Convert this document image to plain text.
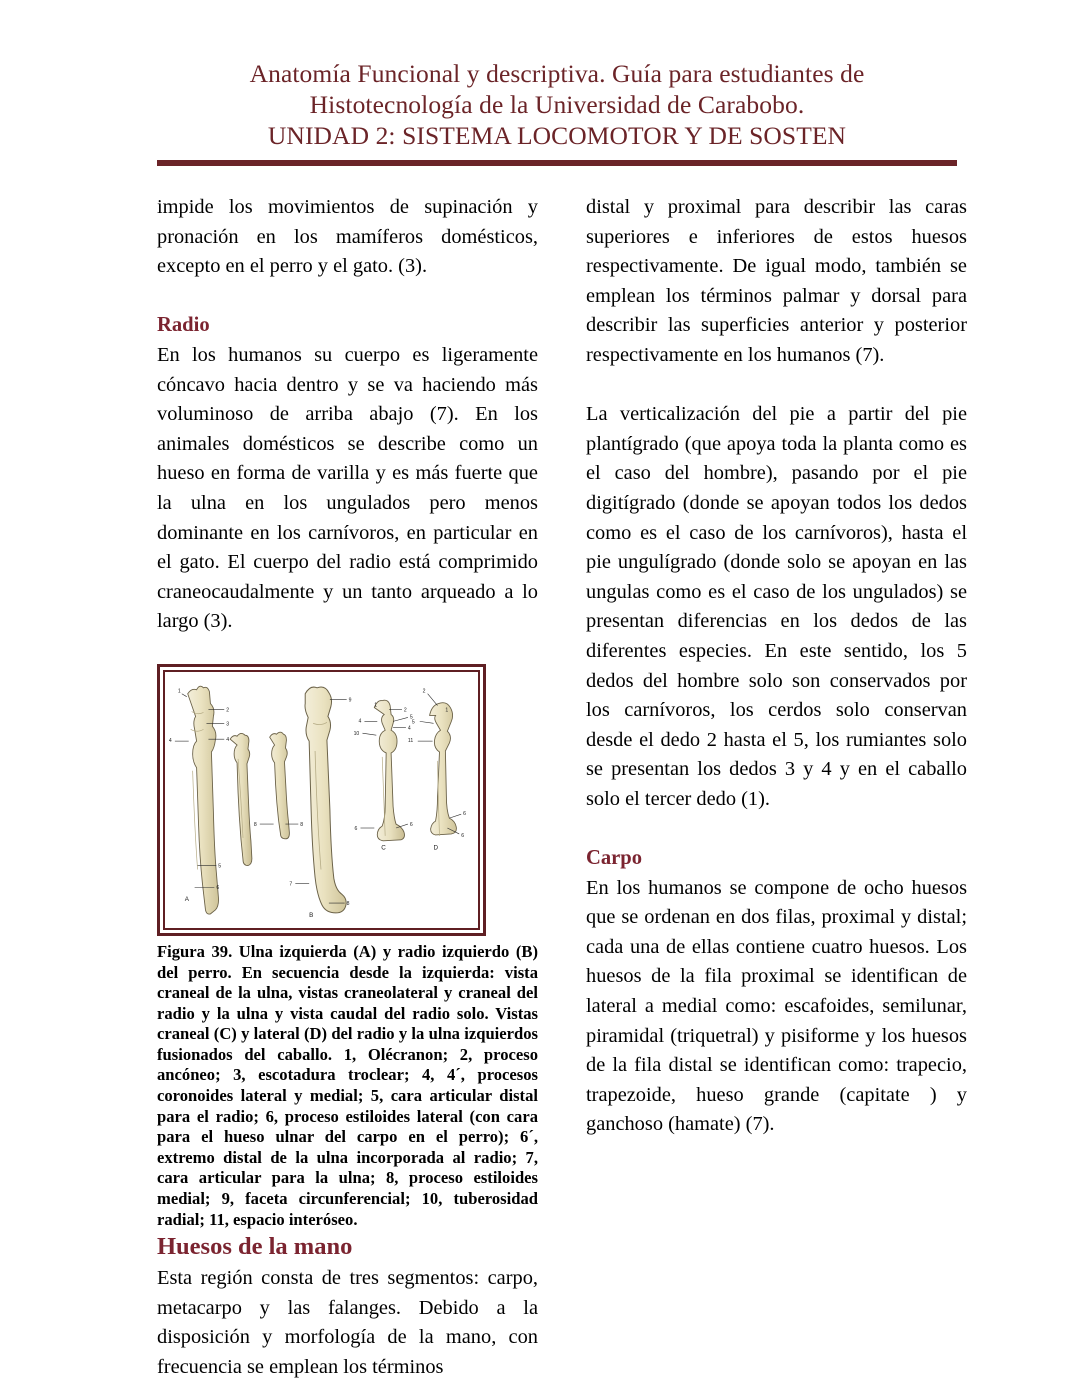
Anatomía Funcional y descriptiva. Guía para estudiantes de
Histotecnología de la Universidad de Carabobo.
UNIDAD 2: SISTEMA LOCOMOTOR Y DE SOSTEN

impide los movimientos de supinación y pronación en los mamíferos domésticos, excepto en el perro y el gato. (3).

Radio

En los humanos su cuerpo es ligeramente cóncavo hacia dentro y se va haciendo más voluminoso de arriba abajo (7). En los animales domésticos se describe como un hueso en forma de varilla y es más fuerte que la ulna en los ungulados pero menos dominante en los carnívoros, en particular en el gato. El cuerpo del radio está comprimido craneocaudalmente y un tanto arqueado a lo largo (3).

1
2
3
4
4
5
6
A
8	8
9
7
8
B
1
2
4
5
4
10
6
6
C
2
1
5
11
6
6
D

Figura 39. Ulna izquierda (A) y radio izquierdo (B) del perro. En secuencia desde la izquierda: vista craneal de la ulna, vistas craneolateral y craneal del radio y la ulna y vista caudal del radio solo. Vistas craneal (C) y lateral (D) del radio y la ulna izquierdos fusionados del caballo. 1, Olécranon; 2, proceso ancóneo; 3, escotadura troclear; 4, 4´, procesos coronoides lateral y medial; 5, cara articular distal para el radio; 6, proceso estiloides lateral (con cara para el hueso ulnar del carpo en el perro); 6´, extremo distal de la ulna incorporada al radio; 7, cara articular para la ulna; 8, proceso estiloides medial; 9, faceta circunferencial; 10, tuberosidad radial; 11, espacio interóseo.

Huesos de la mano

Esta región consta de tres segmentos: carpo, metacarpo y las falanges. Debido a la disposición y morfología de la mano, con frecuencia se emplean los términos

distal y proximal para describir las caras superiores e inferiores de estos huesos respectivamente. De igual modo, también se emplean los términos palmar y dorsal para describir las superficies anterior y posterior respectivamente en los humanos (7).

La verticalización del pie a partir del pie plantígrado (que apoya toda la planta como es el caso del hombre), pasando por el pie digitígrado (donde se apoyan todos los dedos como es el caso de los carnívoros), hasta el pie ungulígrado (donde solo se apoyan en las ungulas como es el caso de los ungulados) se presentan diferencias en los dedos de las diferentes especies. En este sentido, los 5 dedos del hombre solo son conservados por los carnívoros, los cerdos solo conservan desde el dedo 2 hasta el 5, los rumiantes solo se presentan los dedos 3 y 4 y en el caballo solo el tercer dedo (1).

Carpo

En los humanos se compone de ocho huesos que se ordenan en dos filas, proximal y distal; cada una de ellas contiene cuatro huesos. Los huesos de la fila proximal se identifican de lateral a medial como: escafoides, semilunar, piramidal (triquetral) y pisiforme y los huesos de la fila distal se identifican como: trapecio, trapezoide, hueso grande (capitate ) y ganchoso (hamate) (7).
